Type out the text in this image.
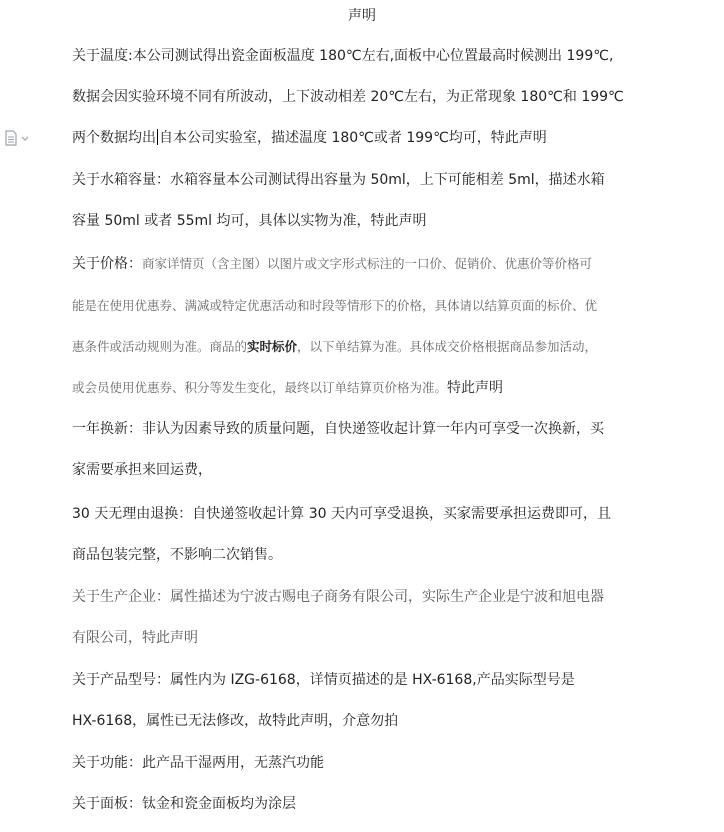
声明
关于温度:本公司测试得出瓷金面板温度 180℃左右,面板中心位置最高时候测出 199℃,
数据会因实验环境不同有所波动，上下波动相差 20℃左右，为正常现象 180℃和 199℃
两个数据均出 自本公司实验室，描述温度 180℃或者 199℃均可，特此声明
关于水箱容量：水箱容量本公司测试得出容量为 50ml，上下可能相差 5ml，描述水箱
容量 50ml 或者 55ml 均可，具体以实物为准，特此声明
关于价格：商家详情页（含主图）以图片或文字形式标注的一口价、促销价、优惠价等价格可
能是在使用优惠券、满减或特定优惠活动和时段等情形下的价格，具体请以结算页面的标价、优
惠条件或活动规则为准。商品的实时标价，以下单结算为准。具体成交价格根据商品参加活动，
或会员使用优惠券、积分等发生变化，最终以订单结算页价格为准。特此声明
一年换新：非认为因素导致的质量问题，自快递签收起计算一年内可享受一次换新，买
家需要承担来回运费，
30 天无理由退换：自快递签收起计算 30 天内可享受退换，买家需要承担运费即可，且
商品包装完整，不影响二次销售。
关于生产企业：属性描述为宁波古赐电子商务有限公司，实际生产企业是宁波和旭电器
有限公司，特此声明
关于产品型号：属性内为 IZG-6168，详情页描述的是 HX-6168,产品实际型号是
HX-6168，属性已无法修改，故特此声明，介意勿拍
关于功能：此产品干湿两用，无蒸汽功能
关于面板：钛金和瓷金面板均为涂层
